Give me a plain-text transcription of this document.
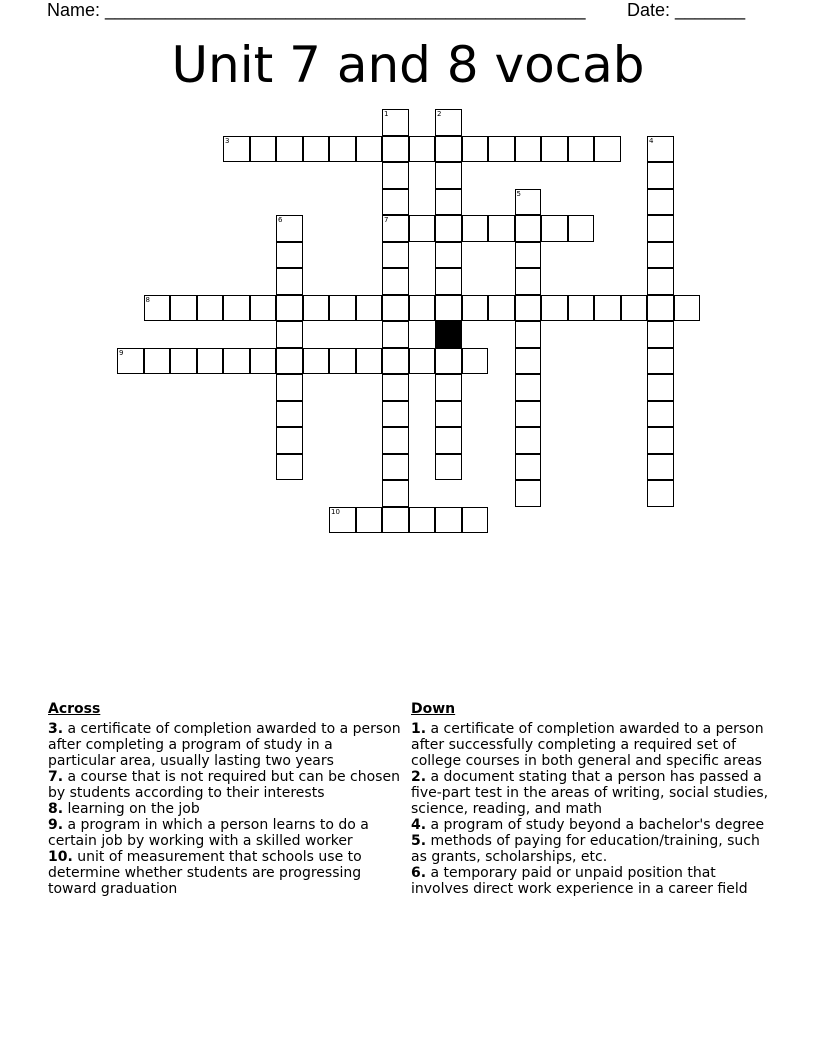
Name: ________________________________________________ Date: _______
Unit 7 and 8 vocab
1
7
2
3	4
5
6
8
9
10
Across
3. a certificate of completion awarded to a person after completing a program of study in a particular area, usually lasting two years
7. a course that is not required but can be chosen by students according to their interests
8. learning on the job
9. a program in which a person learns to do a certain job by working with a skilled worker
10. unit of measurement that schools use to determine whether students are progressing toward graduation
Down
1. a certificate of completion awarded to a person after successfully completing a required set of college courses in both general and specific areas
2. a document stating that a person has passed a five-part test in the areas of writing, social studies, science, reading, and math
4. a program of study beyond a bachelor's degree
5. methods of paying for education/training, such as grants, scholarships, etc.
6. a temporary paid or unpaid position that involves direct work experience in a career field
